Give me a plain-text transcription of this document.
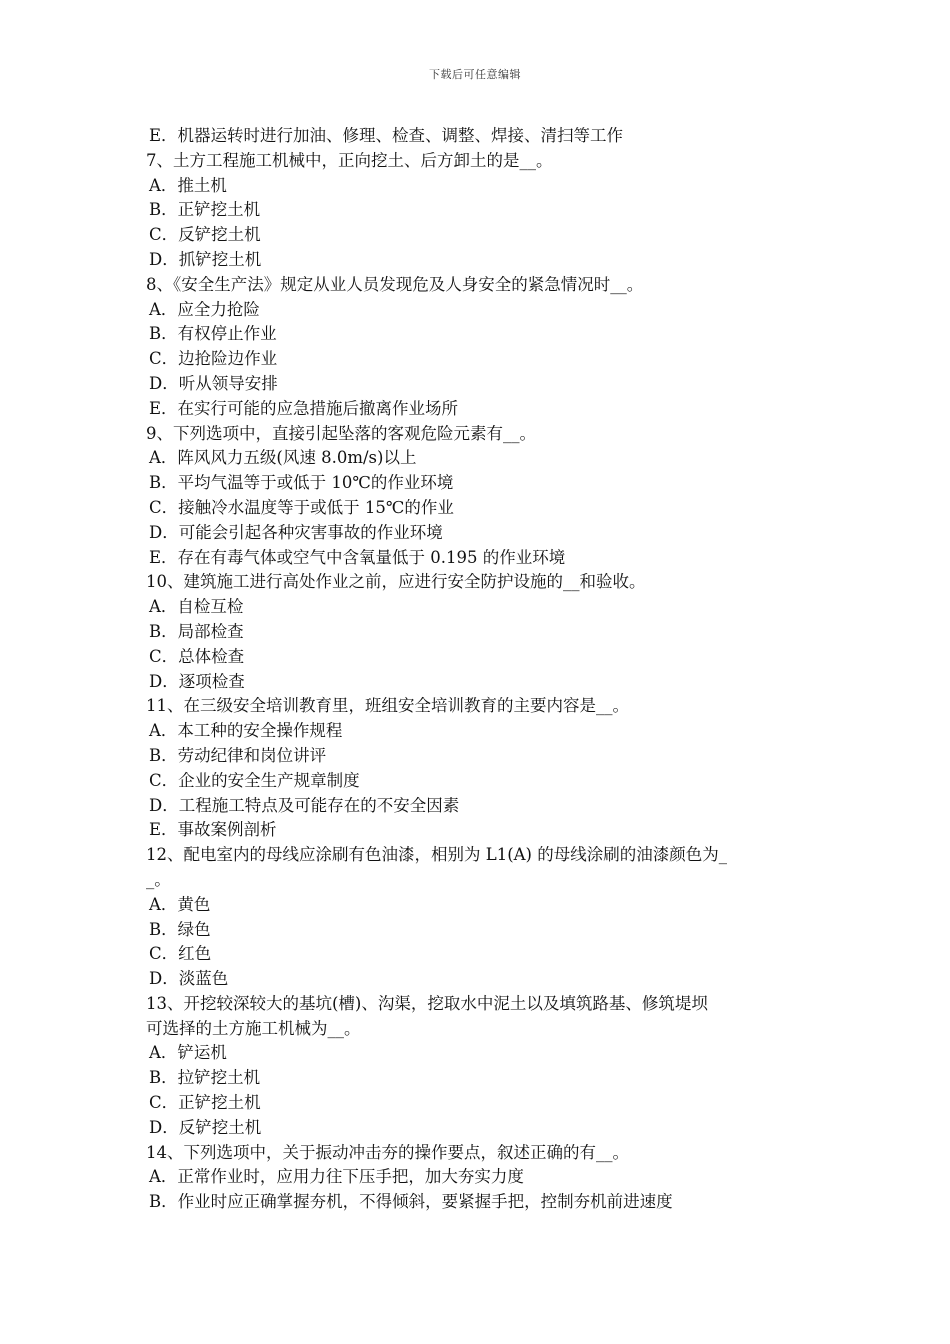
下载后可任意编辑
E．机器运转时进行加油、修理、检查、调整、焊接、清扫等工作
7、土方工程施工机械中，正向挖土、后方卸土的是__。
A．推土机
B．正铲挖土机
C．反铲挖土机
D．抓铲挖土机
8、《安全生产法》规定从业人员发现危及人身安全的紧急情况时__。
A．应全力抢险
B．有权停止作业
C．边抢险边作业
D．听从领导安排
E．在实行可能的应急措施后撤离作业场所
9、下列选项中，直接引起坠落的客观危险元素有__。
A．阵风风力五级(风速 8.0m/s)以上
B．平均气温等于或低于 10℃的作业环境
C．接触冷水温度等于或低于 15℃的作业
D．可能会引起各种灾害事故的作业环境
E．存在有毒气体或空气中含氧量低于 0.195 的作业环境
10、建筑施工进行高处作业之前，应进行安全防护设施的__和验收。
A．自检互检
B．局部检查
C．总体检查
D．逐项检查
11、在三级安全培训教育里，班组安全培训教育的主要内容是__。
A．本工种的安全操作规程
B．劳动纪律和岗位讲评
C．企业的安全生产规章制度
D．工程施工特点及可能存在的不安全因素
E．事故案例剖析
12、配电室内的母线应涂刷有色油漆，相别为 L1(A) 的母线涂刷的油漆颜色为_
_。
A．黄色
B．绿色
C．红色
D．淡蓝色
13、开挖较深较大的基坑(槽)、沟渠，挖取水中泥土以及填筑路基、修筑堤坝
可选择的土方施工机械为__。
A．铲运机
B．拉铲挖土机
C．正铲挖土机
D．反铲挖土机
14、下列选项中，关于振动冲击夯的操作要点，叙述正确的有__。
A．正常作业时，应用力往下压手把，加大夯实力度
B．作业时应正确掌握夯机，不得倾斜，要紧握手把，控制夯机前进速度
